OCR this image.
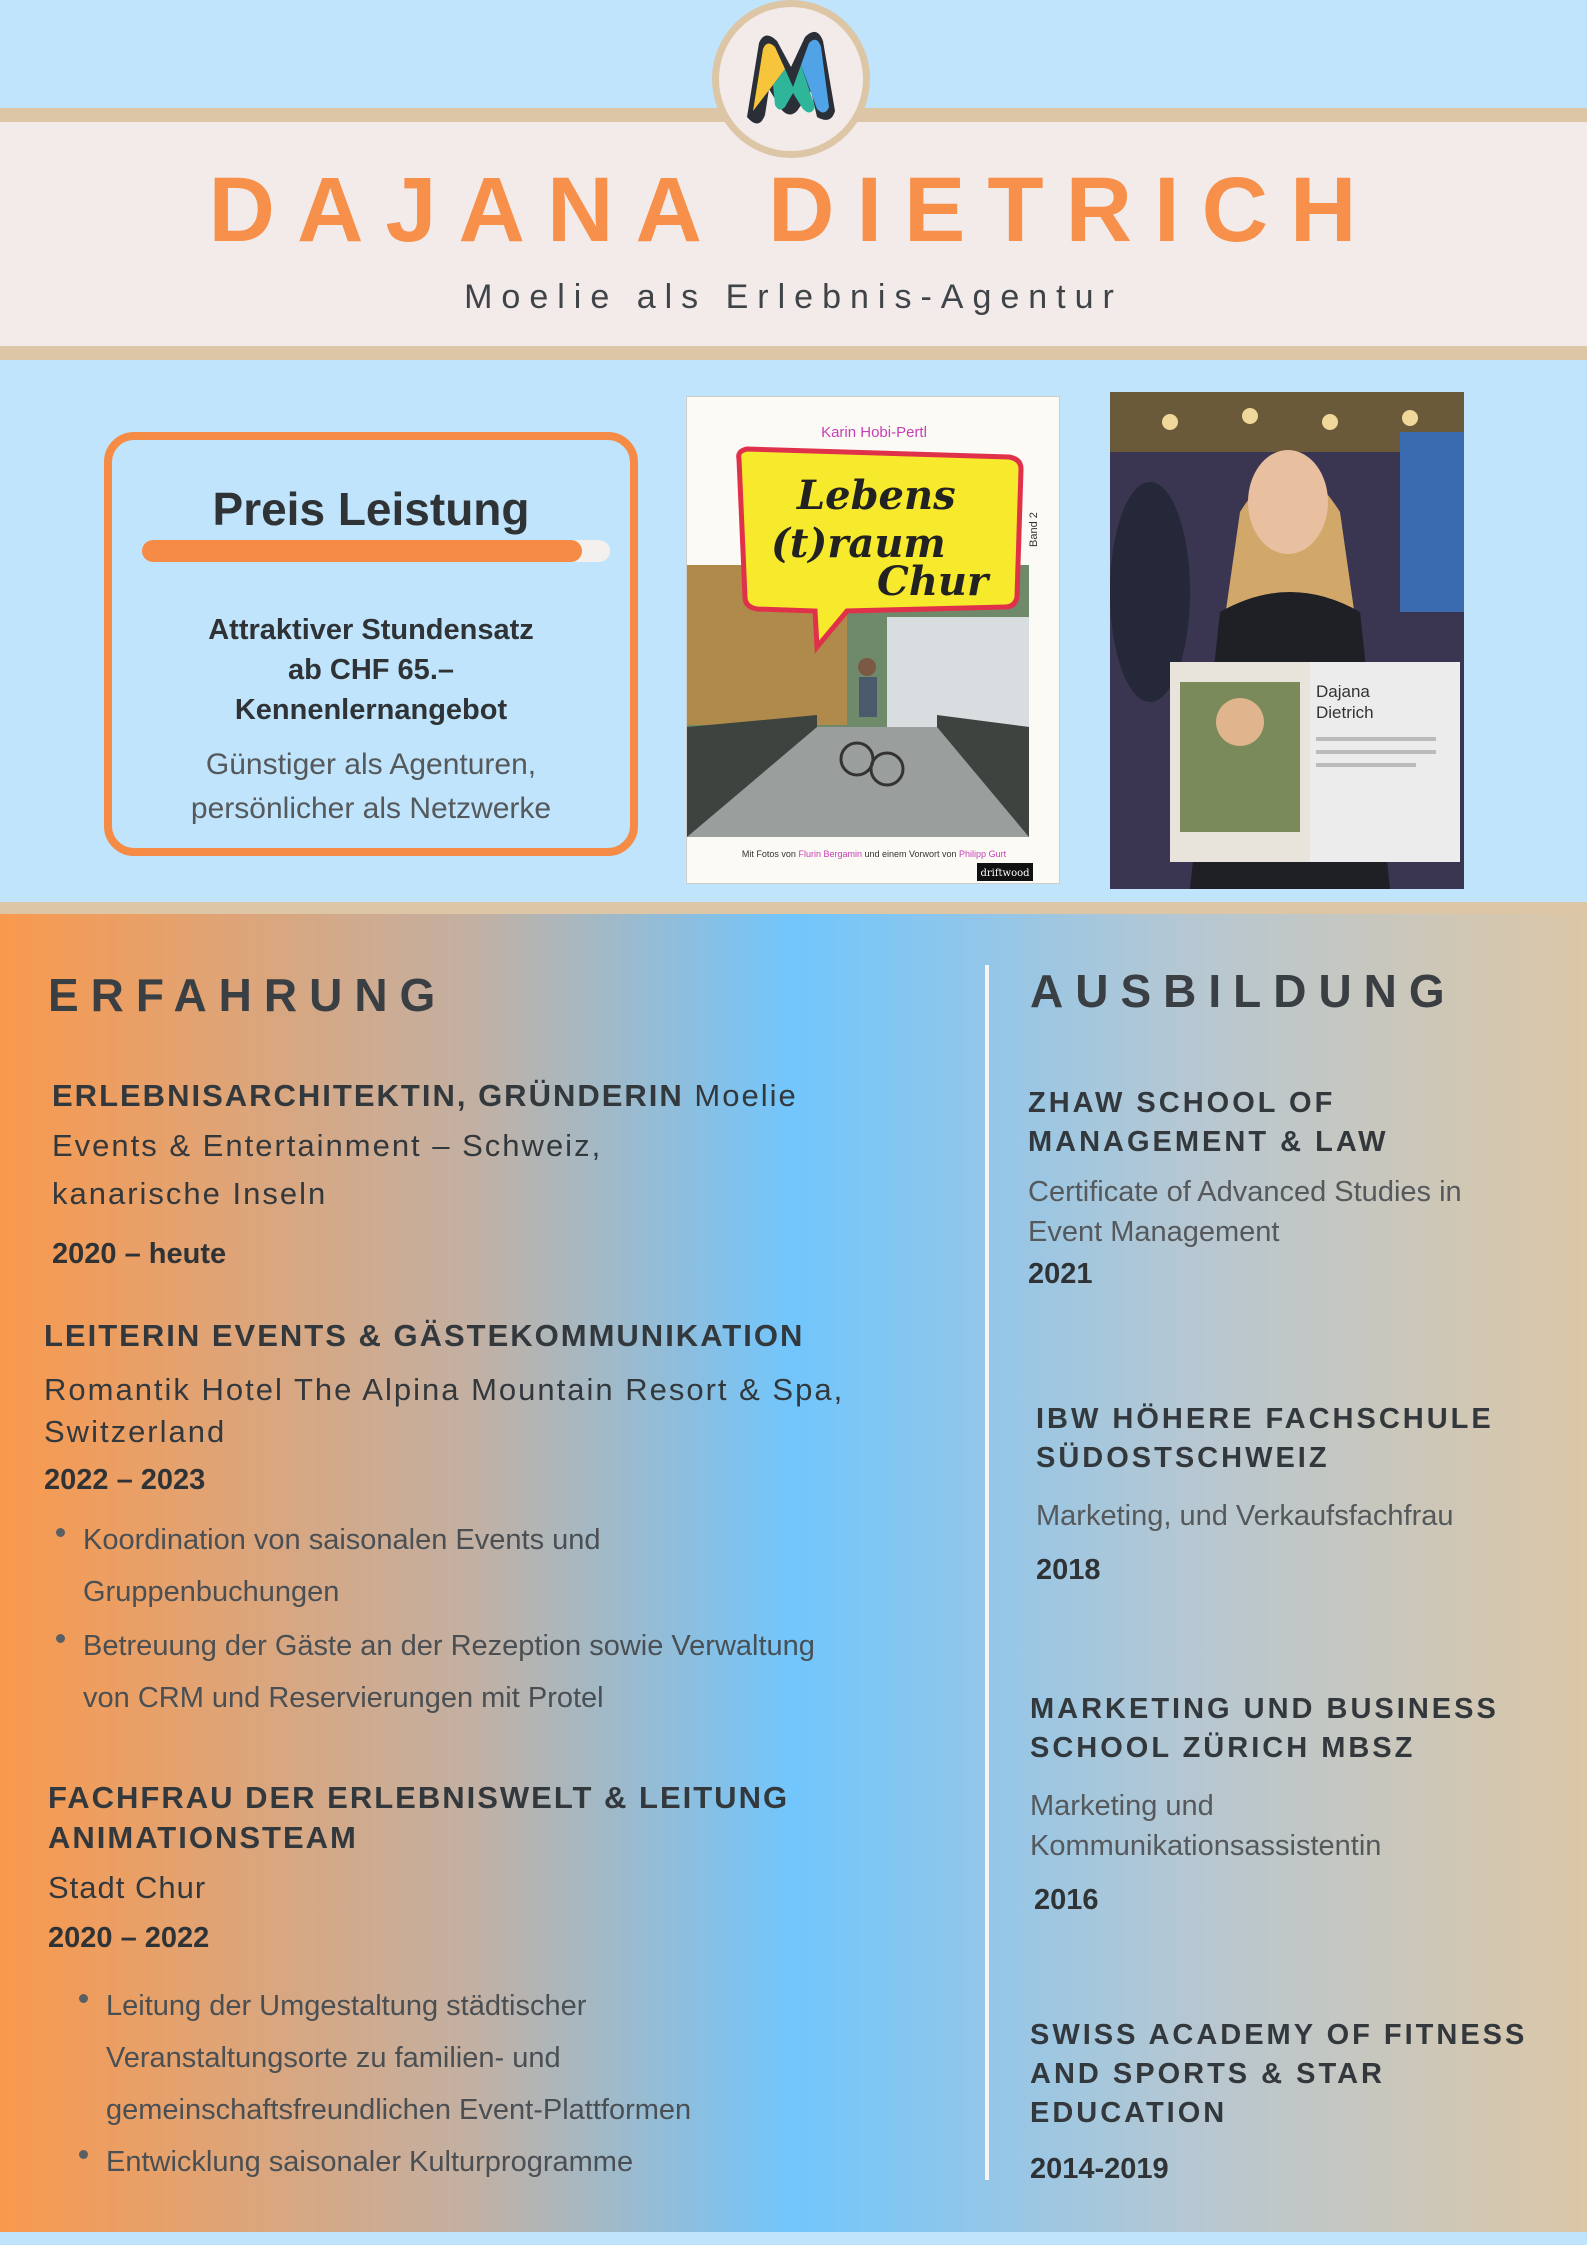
DAJANA DIETRICH
Moelie als Erlebnis-Agentur
Preis Leistung
Attraktiver Stundensatz
ab CHF 65.–
Kennenlernangebot
Günstiger als Agenturen,
persönlicher als Netzwerke
Karin Hobi-Pertl
Lebens
(t)raum
Chur
Band 2
Mit Fotos von Flurin Bergamin und einem Vorwort von Philipp Gurt
driftwood
Dajana
Dietrich
ERFAHRUNG
ERLEBNISARCHITEKTIN, GRÜNDERIN Moelie
Events & Entertainment – Schweiz,
kanarische Inseln
2020 – heute
LEITERIN EVENTS & GÄSTEKOMMUNIKATION
Romantik Hotel The Alpina Mountain Resort & Spa,
Switzerland
2022 – 2023
Koordination von saisonalen Events und
Gruppenbuchungen
Betreuung der Gäste an der Rezeption sowie Verwaltung
von CRM und Reservierungen mit Protel
FACHFRAU DER ERLEBNISWELT & LEITUNG
ANIMATIONSTEAM
Stadt Chur
2020 – 2022
Leitung der Umgestaltung städtischer
Veranstaltungsorte zu familien- und
gemeinschaftsfreundlichen Event-Plattformen
Entwicklung saisonaler Kulturprogramme
AUSBILDUNG
ZHAW SCHOOL OF
MANAGEMENT & LAW
Certificate of Advanced Studies in
Event Management
2021
IBW HÖHERE FACHSCHULE
SÜDOSTSCHWEIZ
Marketing, und Verkaufsfachfrau
2018
MARKETING UND BUSINESS
SCHOOL ZÜRICH MBSZ
Marketing und
Kommunikationsassistentin
2016
SWISS ACADEMY OF FITNESS
AND SPORTS & STAR
EDUCATION
2014-2019
